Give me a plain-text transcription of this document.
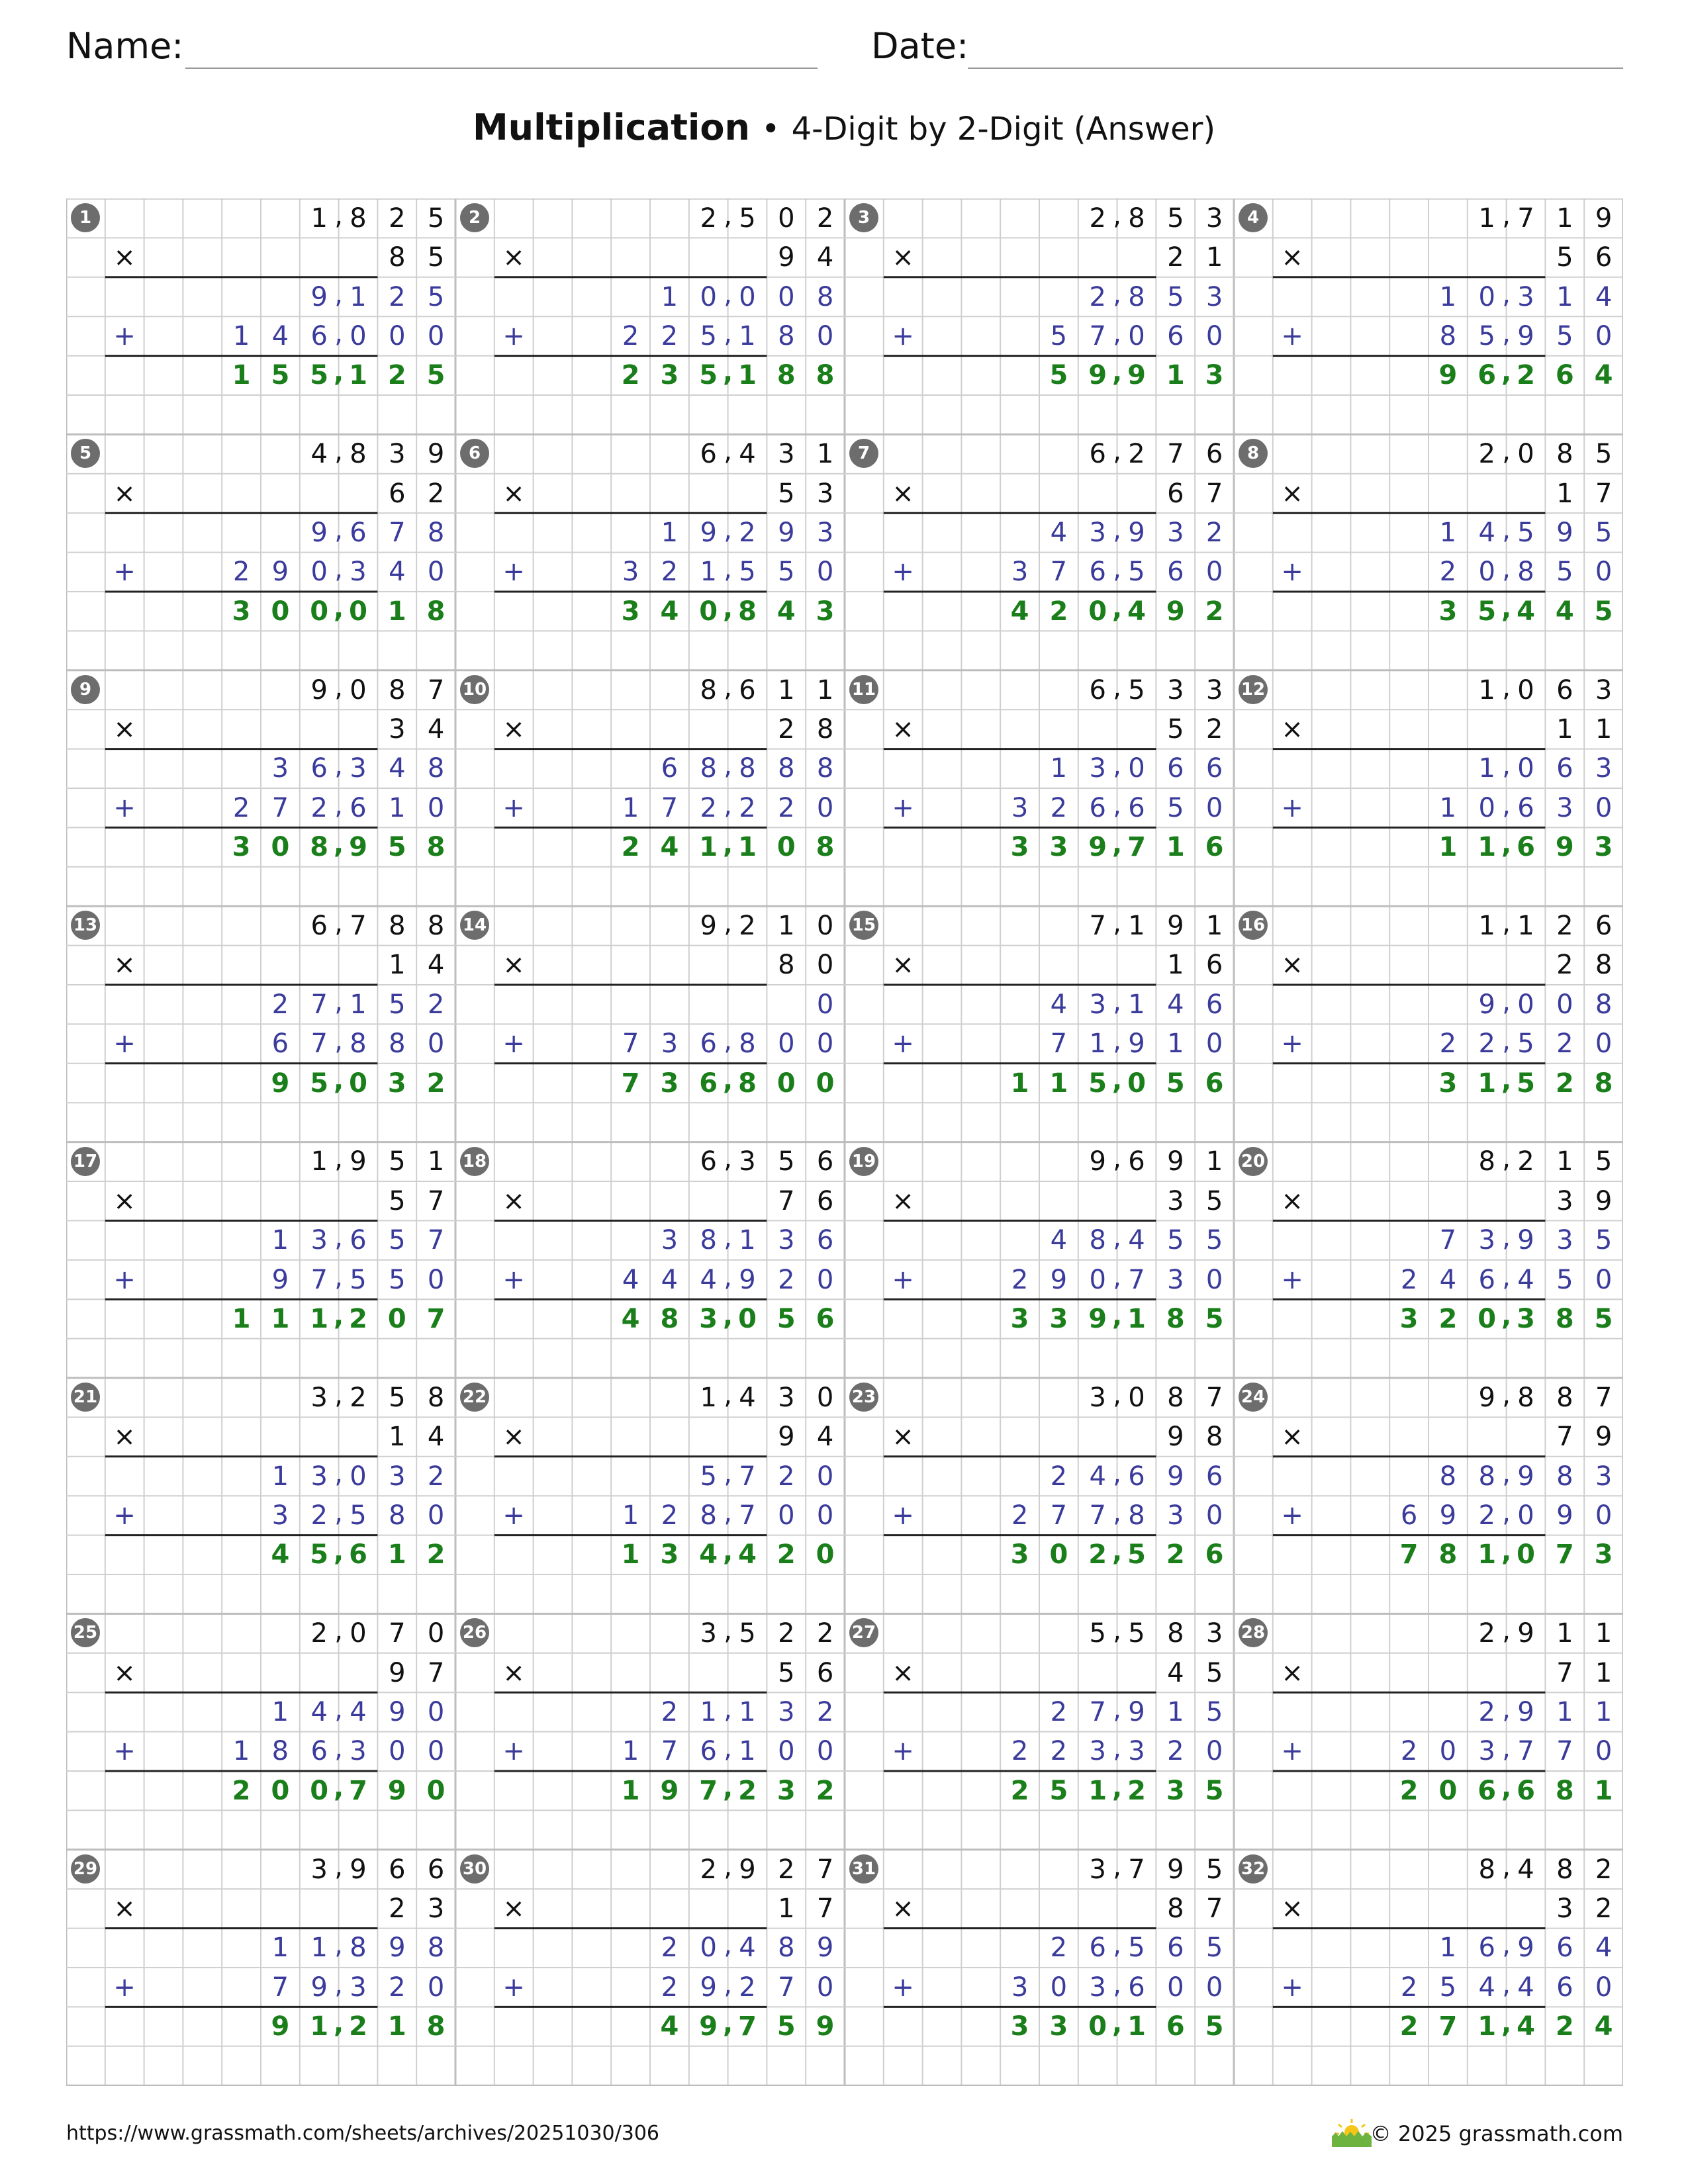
Name:	Date:
Multiplication • 4-Digit by 2-Digit (Answer)
1	1 8 2 5
,
×	8 5
9 1 2 5
,
+	1 4 6 0 0 0
,
1 5 5 1 2 5
,
2	2 5 0 2
,
×	9 4
1 0 0 0 8
,
+	2 2 5 1 8 0
,
2 3 5 1 8 8
,
3	2 8 5 3
,
×	2 1
2 8 5 3
,
+	5 7 0 6 0
,
5 9 9 1 3
,
4	1 7 1 9
,
×	5 6
1 0 3 1 4
,
+	8 5 9 5 0
,
9 6 2 6 4
,
5	4 8 3 9
,
×	6 2
9 6 7 8
,
+	2 9 0 3 4 0
,
3 0 0 0 1 8
,
6	6 4 3 1
,
×	5 3
1 9 2 9 3
,
+	3 2 1 5 5 0
,
3 4 0 8 4 3
,
7	6 2 7 6
,
×	6 7
4 3 9 3 2
,
+	3 7 6 5 6 0
,
4 2 0 4 9 2
,
8	2 0 8 5
,
×	1 7
1 4 5 9 5
,
+	2 0 8 5 0
,
3 5 4 4 5
,
9	9 0 8 7
,
×	3 4
3 6 3 4 8
,
+	2 7 2 6 1 0
,
3 0 8 9 5 8
,
10	8 6 1 1
,
×	2 8
6 8 8 8 8
,
+	1 7 2 2 2 0
,
2 4 1 1 0 8
,
11	6 5 3 3
,
×	5 2
1 3 0 6 6
,
+	3 2 6 6 5 0
,
3 3 9 7 1 6
,
12	1 0 6 3
,
×	1 1
1 0 6 3
,
+	1 0 6 3 0
,
1 1 6 9 3
,
13	6 7 8 8
,
×	1 4
2 7 1 5 2
,
+	6 7 8 8 0
,
9 5 0 3 2
,
14	9 2 1 0
,
×	8 0
0
+	7 3 6 8 0 0
,
7 3 6 8 0 0
,
15	7 1 9 1
,
×	1 6
4 3 1 4 6
,
+	7 1 9 1 0
,
1 1 5 0 5 6
,
16	1 1 2 6
,
×	2 8
9 0 0 8
,
+	2 2 5 2 0
,
3 1 5 2 8
,
17	1 9 5 1
,
×	5 7
1 3 6 5 7
,
+	9 7 5 5 0
,
1 1 1 2 0 7
,
18	6 3 5 6
,
×	7 6
3 8 1 3 6
,
+	4 4 4 9 2 0
,
4 8 3 0 5 6
,
19	9 6 9 1
,
×	3 5
4 8 4 5 5
,
+	2 9 0 7 3 0
,
3 3 9 1 8 5
,
20	8 2 1 5
,
×	3 9
7 3 9 3 5
,
+	2 4 6 4 5 0
,
3 2 0 3 8 5
,
21	3 2 5 8
,
×	1 4
1 3 0 3 2
,
+	3 2 5 8 0
,
4 5 6 1 2
,
22	1 4 3 0
,
×	9 4
5 7 2 0
,
+	1 2 8 7 0 0
,
1 3 4 4 2 0
,
23	3 0 8 7
,
×	9 8
2 4 6 9 6
,
+	2 7 7 8 3 0
,
3 0 2 5 2 6
,
24	9 8 8 7
,
×	7 9
8 8 9 8 3
,
+	6 9 2 0 9 0
,
7 8 1 0 7 3
,
25	2 0 7 0
,
×	9 7
1 4 4 9 0
,
+	1 8 6 3 0 0
,
2 0 0 7 9 0
,
26	3 5 2 2
,
×	5 6
2 1 1 3 2
,
+	1 7 6 1 0 0
,
1 9 7 2 3 2
,
27	5 5 8 3
,
×	4 5
2 7 9 1 5
,
+	2 2 3 3 2 0
,
2 5 1 2 3 5
,
28	2 9 1 1
,
×	7 1
2 9 1 1
,
+	2 0 3 7 7 0
,
2 0 6 6 8 1
,
29	3 9 6 6
,
×	2 3
1 1 8 9 8
,
+	7 9 3 2 0
,
9 1 2 1 8
,
30	2 9 2 7
,
×	1 7
2 0 4 8 9
,
+	2 9 2 7 0
,
4 9 7 5 9
,
31	3 7 9 5
,
×	8 7
2 6 5 6 5
,
+	3 0 3 6 0 0
,
3 3 0 1 6 5
,
32	8 4 8 2
,
×	3 2
1 6 9 6 4
,
+	2 5 4 4 6 0
,
2 7 1 4 2 4
,
https://www.grassmath.com/sheets/archives/20251030/306	© 2025 grassmath.com
